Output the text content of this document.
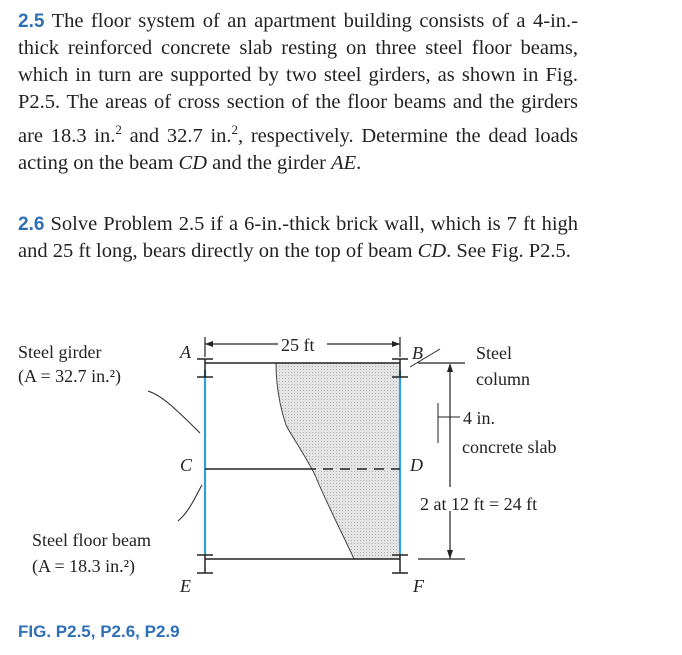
2.5 The floor system of an apartment building consists of a 4-in.-thick reinforced concrete slab resting on three steel floor beams, which in turn are supported by two steel girders, as shown in Fig. P2.5. The areas of cross section of the floor beams and the girders are 18.3 in.$^2$ and 32.7 in.$^2$, respectively. Determine the dead loads acting on the beam CD and the girder AE.

2.6 Solve Problem 2.5 if a 6-in.-thick brick wall, which is 7 ft high and 25 ft long, bears directly on the top of beam CD. See Fig. P2.5.

Steel girder
(A = 32.7 in.²)
A	25 ft	B	Steel
column
4 in.
concrete slab
C	D
2 at 12 ft = 24 ft
Steel floor beam
(A = 18.3 in.²)
E	F
FIG. P2.5, P2.6, P2.9
